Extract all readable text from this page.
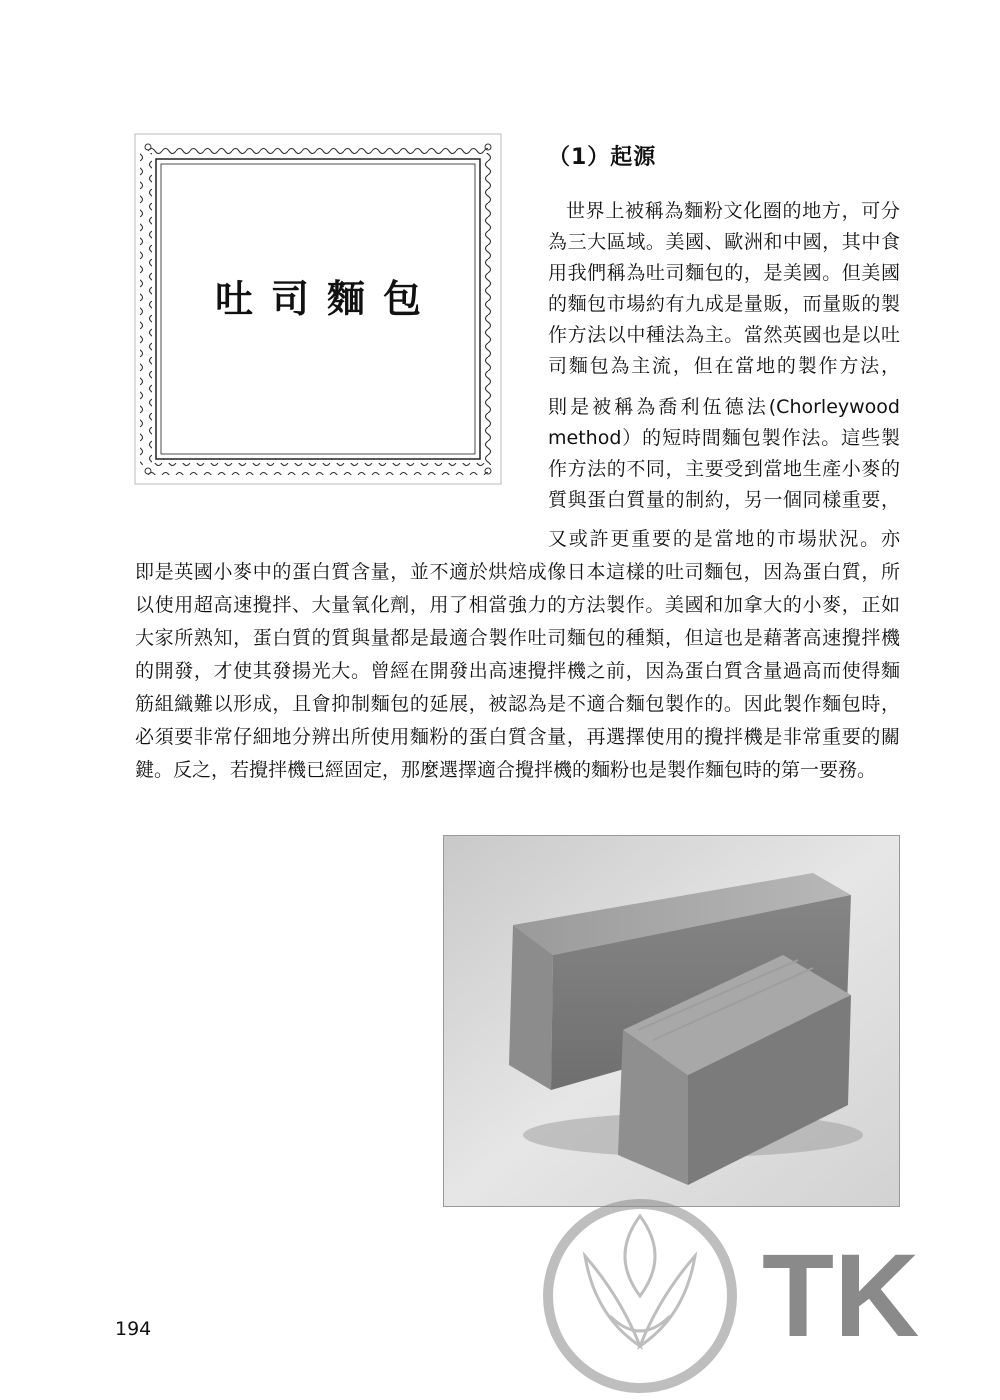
吐司麵包
（1）起源
世界上被稱為麵粉文化圈的地方，可分
為三大區域。美國、歐洲和中國，其中食
用我們稱為吐司麵包的，是美國。但美國
的麵包市場約有九成是量販，而量販的製
作方法以中種法為主。當然英國也是以吐
司麵包為主流，但在當地的製作方法，
則是被稱為喬利伍德法(Chorleywood
method）的短時間麵包製作法。這些製
作方法的不同，主要受到當地生產小麥的
質與蛋白質量的制約，另一個同樣重要，
又或許更重要的是當地的市場狀況。亦
即是英國小麥中的蛋白質含量，並不適於烘焙成像日本這樣的吐司麵包，因為蛋白質，所
以使用超高速攪拌、大量氧化劑，用了相當強力的方法製作。美國和加拿大的小麥，正如
大家所熟知，蛋白質的質與量都是最適合製作吐司麵包的種類，但這也是藉著高速攪拌機
的開發，才使其發揚光大。曾經在開發出高速攪拌機之前，因為蛋白質含量過高而使得麵
筋組織難以形成，且會抑制麵包的延展，被認為是不適合麵包製作的。因此製作麵包時，
必須要非常仔細地分辨出所使用麵粉的蛋白質含量，再選擇使用的攪拌機是非常重要的關
鍵。反之，若攪拌機已經固定，那麼選擇適合攪拌機的麵粉也是製作麵包時的第一要務。
194	TK
